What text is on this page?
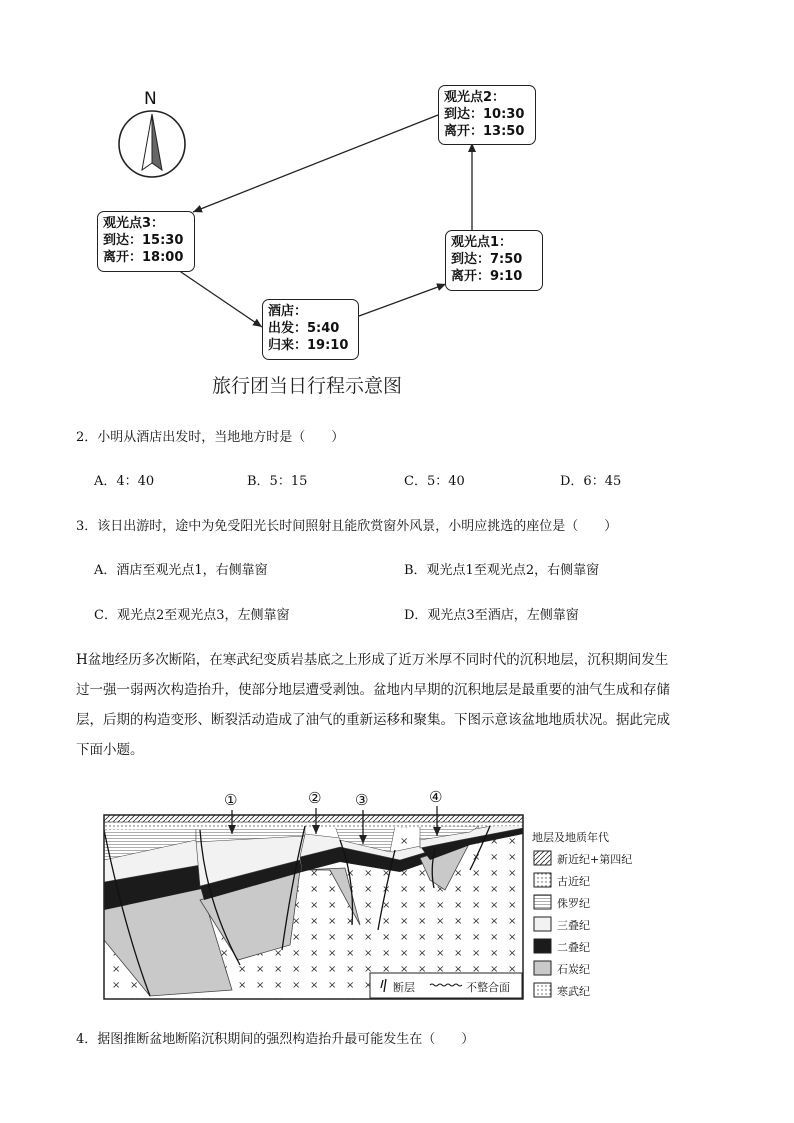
N	观光点2：
到达：10:30
离开：13:50
观光点3：
到达：15:30
离开：18:00
观光点1：
到达：7:50
离开：9:10
酒店：
出发：5:40
归来：19:10
旅行团当日行程示意图
2．小明从酒店出发时，当地地方时是（　　）
A．4：40	B．5：15	C．5：40	D．6：45
3．该日出游时，途中为免受阳光长时间照射且能欣赏窗外风景，小明应挑选的座位是（　　）
A．酒店至观光点1，右侧靠窗	B．观光点1至观光点2，右侧靠窗
C．观光点2至观光点3，左侧靠窗	D．观光点3至酒店，左侧靠窗
H盆地经历多次断陷，在寒武纪变质岩基底之上形成了近万米厚不同时代的沉积地层，沉积期间发生
过一强一弱两次构造抬升，使部分地层遭受剥蚀。盆地内早期的沉积地层是最重要的油气生成和存储
层，后期的构造变形、断裂活动造成了油气的重新运移和聚集。下图示意该盆地地质状况。据此完成
下面小题。
①	② ③	④
断层	不整合面
地层及地质年代
新近纪+第四纪
古近纪
侏罗纪
三叠纪
二叠纪
石炭纪
寒武纪
4．据图推断盆地断陷沉积期间的强烈构造抬升最可能发生在（　　）
